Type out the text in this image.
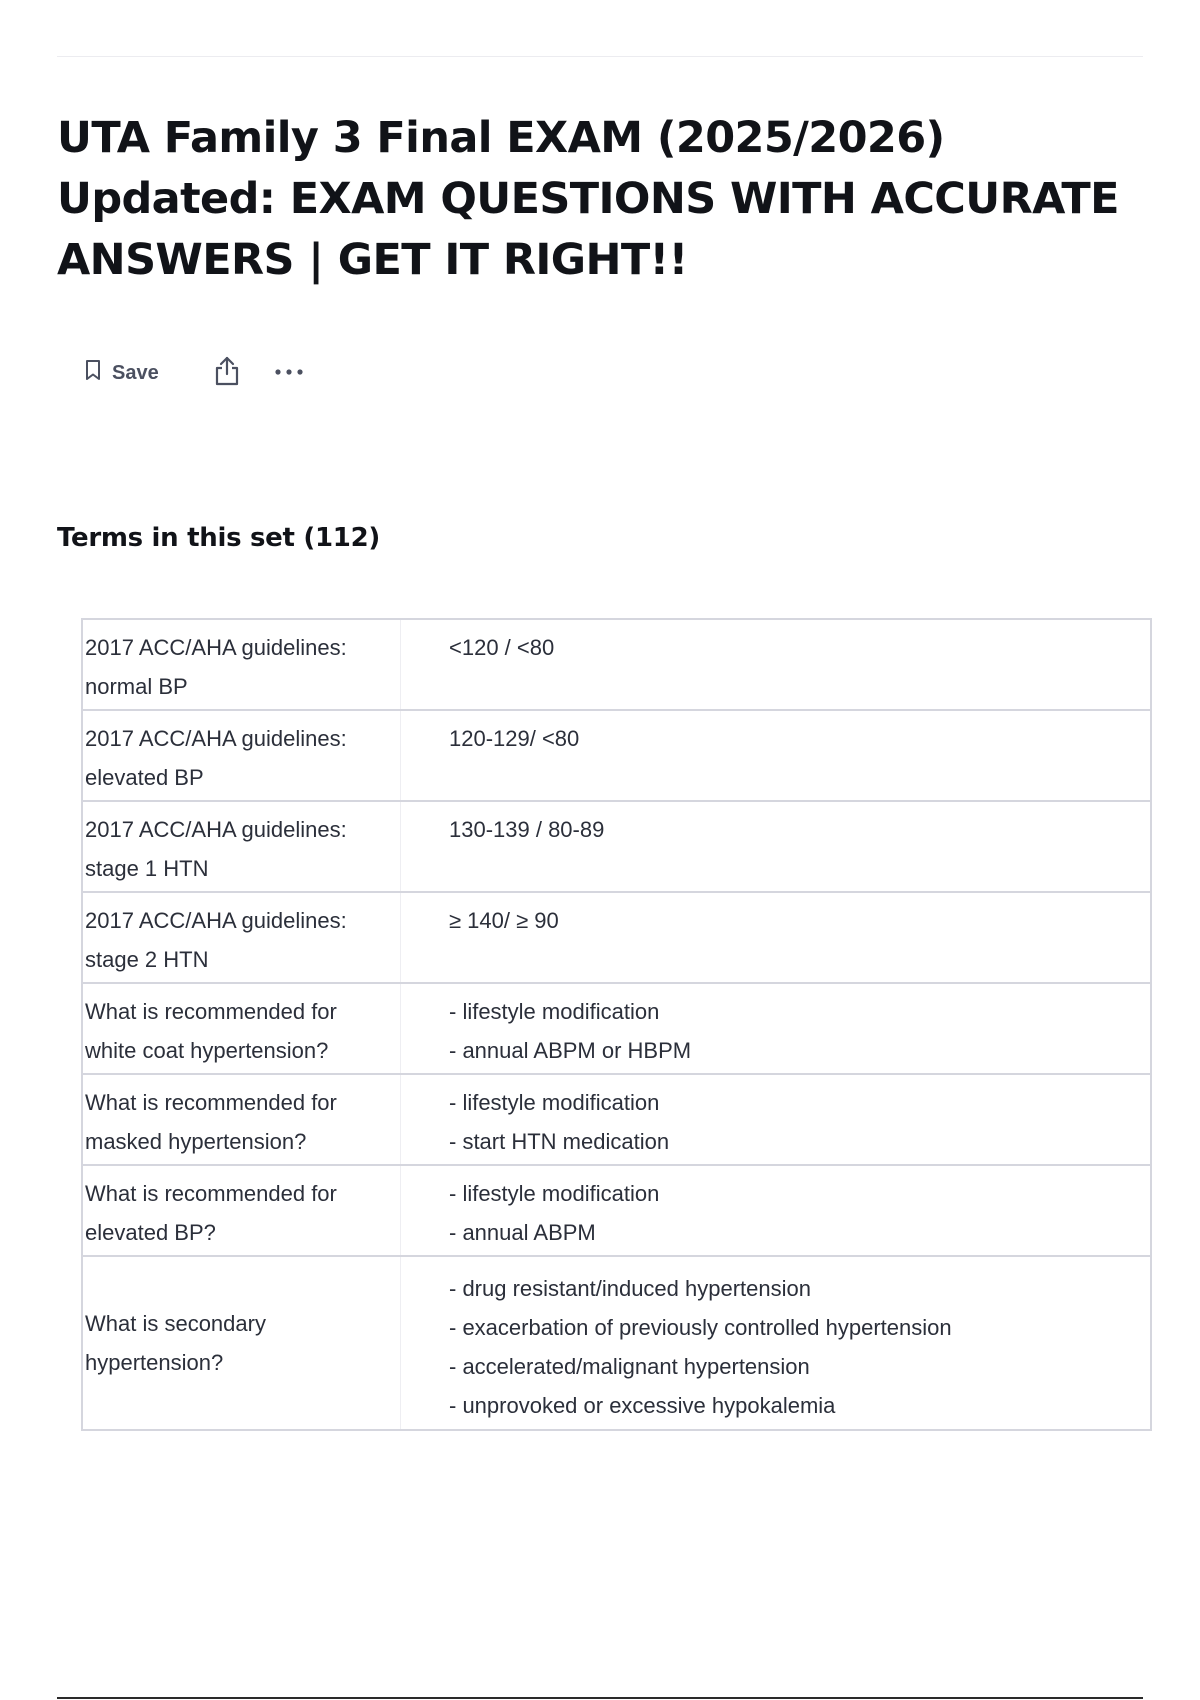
UTA Family 3 Final EXAM (2025/2026) Updated: EXAM QUESTIONS WITH ACCURATE ANSWERS | GET IT RIGHT!!
Save
Terms in this set (112)
2017 ACC/AHA guidelines: normal BP
<120 / <80
2017 ACC/AHA guidelines: elevated BP
120-129/ <80
2017 ACC/AHA guidelines: stage 1 HTN
130-139 / 80-89
2017 ACC/AHA guidelines: stage 2 HTN
≥ 140/ ≥ 90
What is recommended for white coat hypertension?
- lifestyle modification
- annual ABPM or HBPM
What is recommended for masked hypertension?
- lifestyle modification
- start HTN medication
What is recommended for elevated BP?
- lifestyle modification
- annual ABPM
What is secondary hypertension?
- drug resistant/induced hypertension
- exacerbation of previously controlled hypertension
- accelerated/malignant hypertension
- unprovoked or excessive hypokalemia
